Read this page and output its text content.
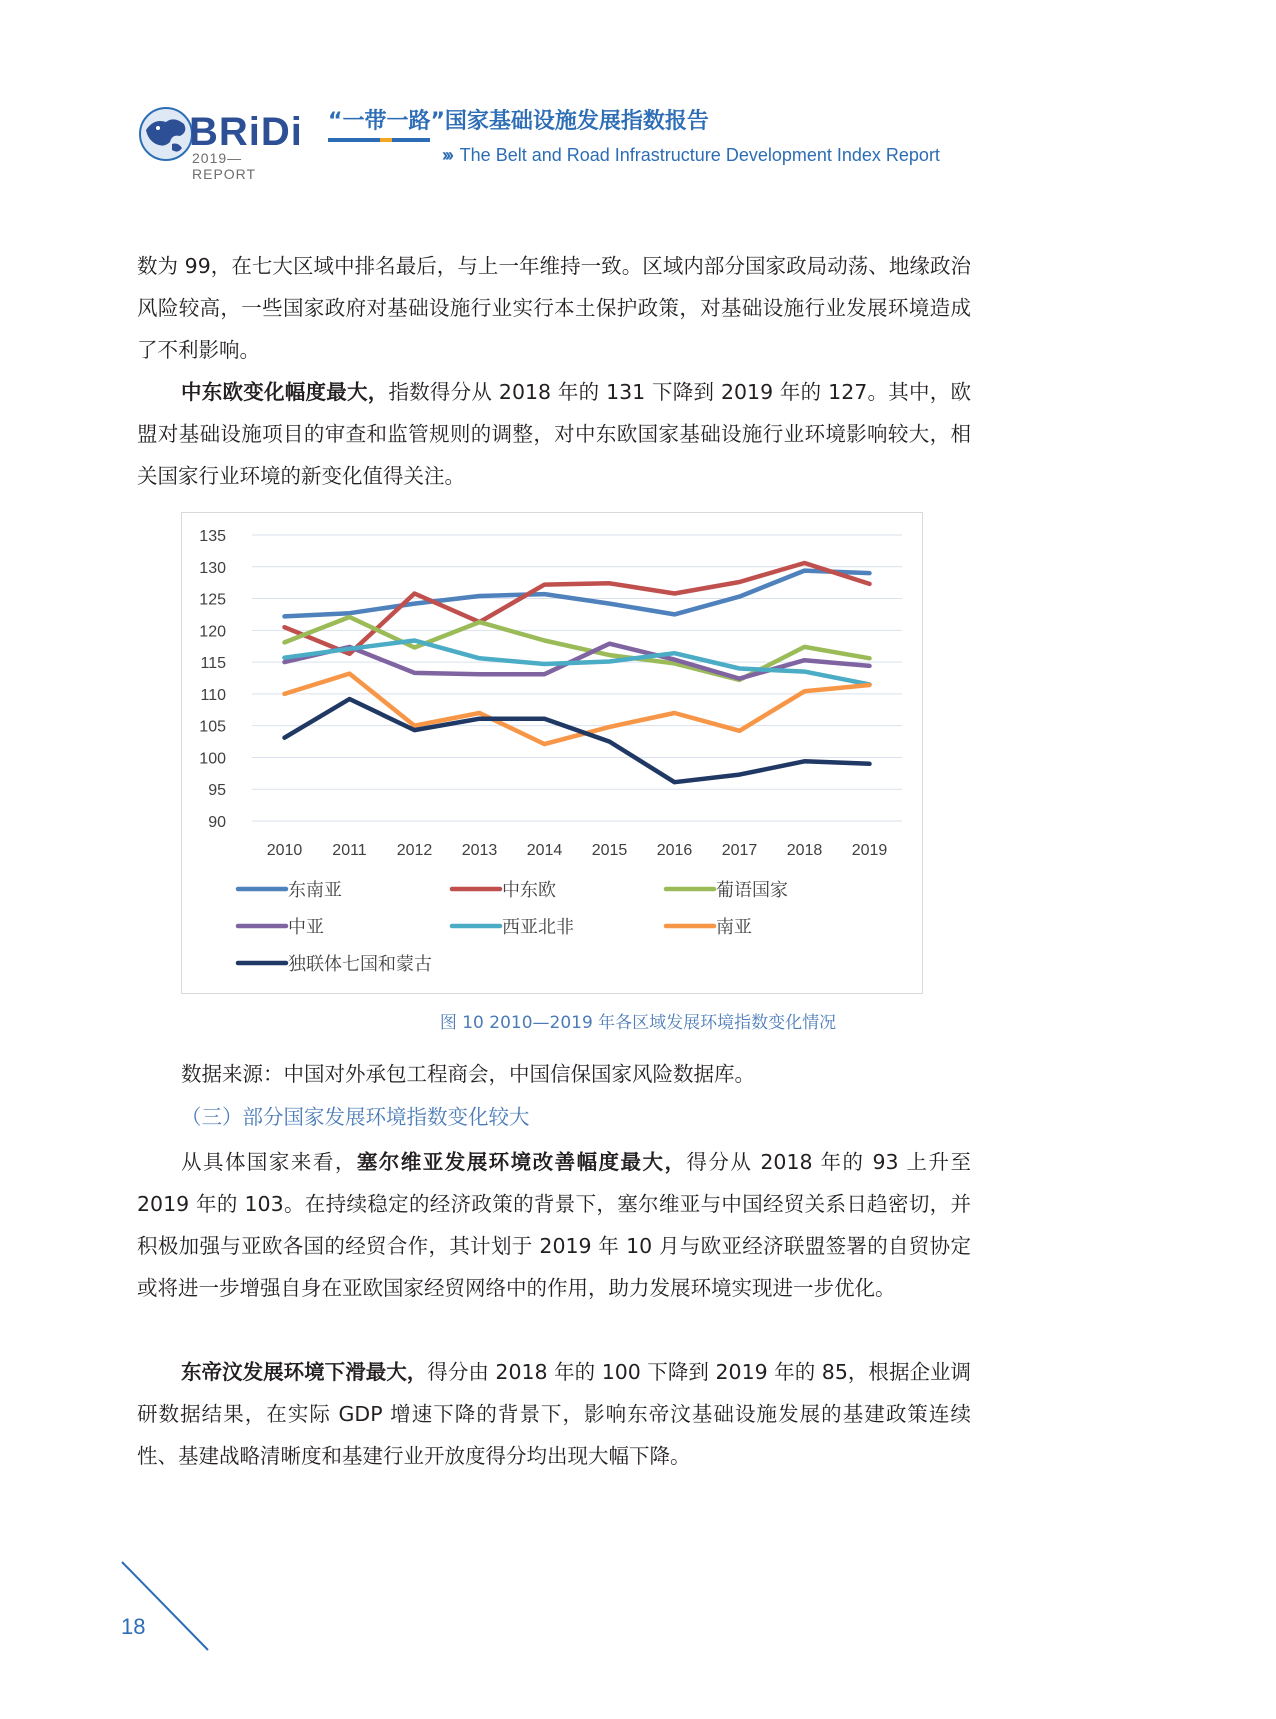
BRiDi
2019—REPORT
“一带一路”国家基础设施发展指数报告
››› The Belt and Road Infrastructure Development Index Report

数为 99，在七大区域中排名最后，与上一年维持一致。区域内部分国家政局动荡、地缘政治风险较高，一些国家政府对基础设施行业实行本土保护政策，对基础设施行业发展环境造成了不利影响。

中东欧变化幅度最大，指数得分从 2018 年的 131 下降到 2019 年的 127。其中，欧盟对基础设施项目的审查和监管规则的调整，对中东欧国家基础设施行业环境影响较大，相关国家行业环境的新变化值得关注。

135
130
125
120
115
110
105
100
95
90
2010 2011 2012 2013 2014 2015 2016 2017 2018 2019
东南亚	中东欧	葡语国家
中亚	西亚北非	南亚
独联体七国和蒙古
图 10 2010—2019 年各区域发展环境指数变化情况
数据来源：中国对外承包工程商会，中国信保国家风险数据库。
（三）部分国家发展环境指数变化较大

从具体国家来看，塞尔维亚发展环境改善幅度最大，得分从 2018 年的 93 上升至 2019 年的 103。在持续稳定的经济政策的背景下，塞尔维亚与中国经贸关系日趋密切，并积极加强与亚欧各国的经贸合作，其计划于 2019 年 10 月与欧亚经济联盟签署的自贸协定或将进一步增强自身在亚欧国家经贸网络中的作用，助力发展环境实现进一步优化。

东帝汶发展环境下滑最大，得分由 2018 年的 100 下降到 2019 年的 85，根据企业调研数据结果，在实际 GDP 增速下降的背景下，影响东帝汶基础设施发展的基建政策连续性、基建战略清晰度和基建行业开放度得分均出现大幅下降。

18
